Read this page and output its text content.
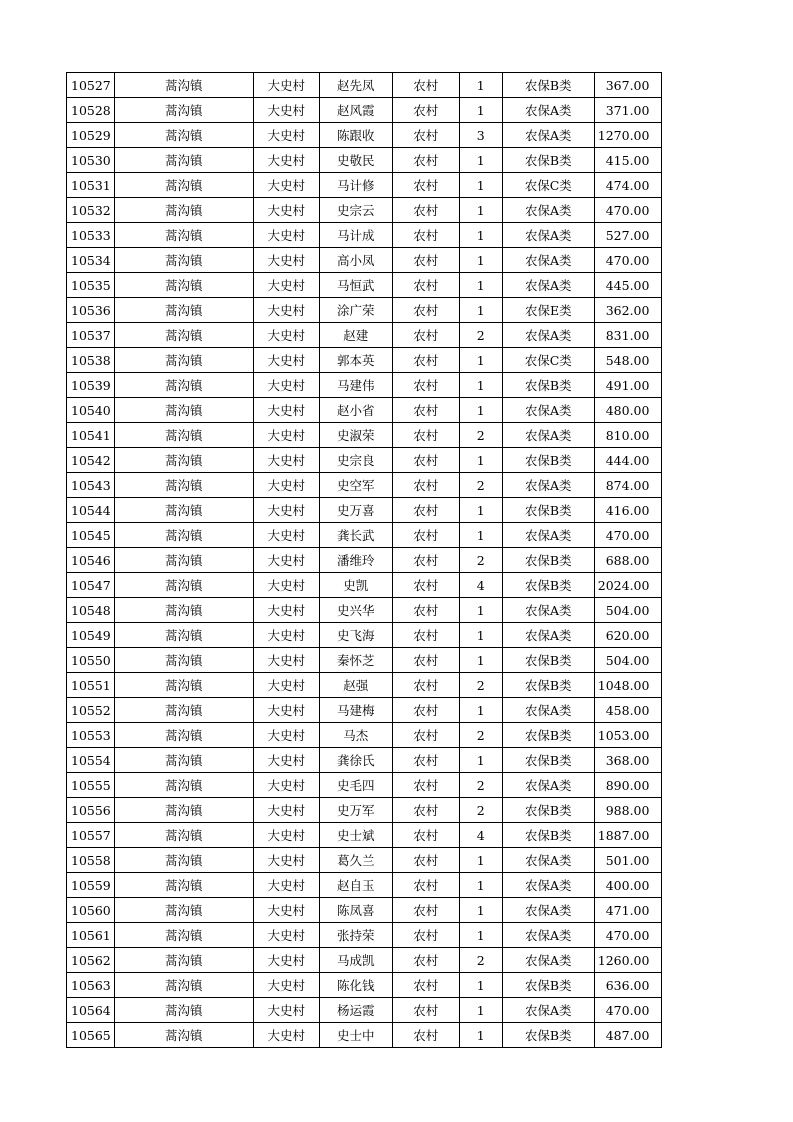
10527	蒿沟镇	大史村	赵先凤	农村	1	农保B类	367.00
10528	蒿沟镇	大史村	赵风霞	农村	1	农保A类	371.00
10529	蒿沟镇	大史村	陈跟收	农村	3	农保A类	1270.00
10530	蒿沟镇	大史村	史敬民	农村	1	农保B类	415.00
10531	蒿沟镇	大史村	马计修	农村	1	农保C类	474.00
10532	蒿沟镇	大史村	史宗云	农村	1	农保A类	470.00
10533	蒿沟镇	大史村	马计成	农村	1	农保A类	527.00
10534	蒿沟镇	大史村	高小凤	农村	1	农保A类	470.00
10535	蒿沟镇	大史村	马恒武	农村	1	农保A类	445.00
10536	蒿沟镇	大史村	涂广荣	农村	1	农保E类	362.00
10537	蒿沟镇	大史村	赵建	农村	2	农保A类	831.00
10538	蒿沟镇	大史村	郭本英	农村	1	农保C类	548.00
10539	蒿沟镇	大史村	马建伟	农村	1	农保B类	491.00
10540	蒿沟镇	大史村	赵小省	农村	1	农保A类	480.00
10541	蒿沟镇	大史村	史淑荣	农村	2	农保A类	810.00
10542	蒿沟镇	大史村	史宗良	农村	1	农保B类	444.00
10543	蒿沟镇	大史村	史空军	农村	2	农保A类	874.00
10544	蒿沟镇	大史村	史万喜	农村	1	农保B类	416.00
10545	蒿沟镇	大史村	龚长武	农村	1	农保A类	470.00
10546	蒿沟镇	大史村	潘维玲	农村	2	农保B类	688.00
10547	蒿沟镇	大史村	史凯	农村	4	农保B类	2024.00
10548	蒿沟镇	大史村	史兴华	农村	1	农保A类	504.00
10549	蒿沟镇	大史村	史飞海	农村	1	农保A类	620.00
10550	蒿沟镇	大史村	秦怀芝	农村	1	农保B类	504.00
10551	蒿沟镇	大史村	赵强	农村	2	农保B类	1048.00
10552	蒿沟镇	大史村	马建梅	农村	1	农保A类	458.00
10553	蒿沟镇	大史村	马杰	农村	2	农保B类	1053.00
10554	蒿沟镇	大史村	龚徐氏	农村	1	农保B类	368.00
10555	蒿沟镇	大史村	史毛四	农村	2	农保A类	890.00
10556	蒿沟镇	大史村	史万军	农村	2	农保B类	988.00
10557	蒿沟镇	大史村	史士斌	农村	4	农保B类	1887.00
10558	蒿沟镇	大史村	葛久兰	农村	1	农保A类	501.00
10559	蒿沟镇	大史村	赵自玉	农村	1	农保A类	400.00
10560	蒿沟镇	大史村	陈凤喜	农村	1	农保A类	471.00
10561	蒿沟镇	大史村	张持荣	农村	1	农保A类	470.00
10562	蒿沟镇	大史村	马成凯	农村	2	农保A类	1260.00
10563	蒿沟镇	大史村	陈化钱	农村	1	农保B类	636.00
10564	蒿沟镇	大史村	杨运霞	农村	1	农保A类	470.00
10565	蒿沟镇	大史村	史士中	农村	1	农保B类	487.00
